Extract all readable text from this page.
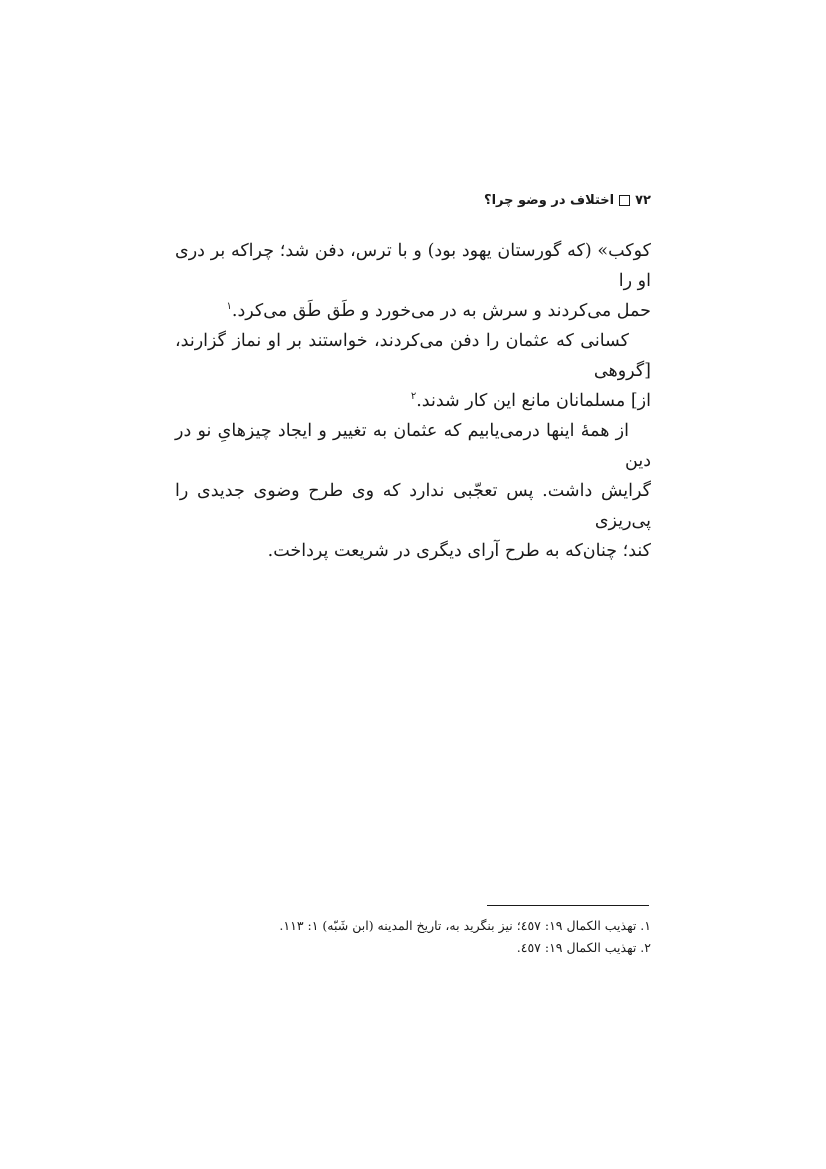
۷۲
اختلاف در وضو چرا؟

کوکب» (که گورستان یهود بود) و با ترس، دفن شد؛ چراکه بر دری او را
حمل می‌کردند و سرش به در می‌خورد و طَق طَق می‌کرد.$^۱$

کسانی که عثمان را دفن می‌کردند، خواستند بر او نماز گزارند، [گروهی
از] مسلمانان مانع این کار شدند.$^۲$

از همهٔ اینها درمی‌یابیم که عثمان به تغییر و ایجاد چیزهایِ نو در دین
گرایش داشت. پس تعجّبی ندارد که وی طرح وضوی جدیدی را پی‌ریزی
کند؛ چنان‌که به طرح آرای دیگری در شریعت پرداخت.

۱. تهذیب الکمال ۱۹: ٤٥۷؛ نیز بنگرید به، تاریخ المدینه (ابن شَبّه) ۱: ۱۱۳.
۲. تهذیب الکمال ۱۹: ٤٥۷.
